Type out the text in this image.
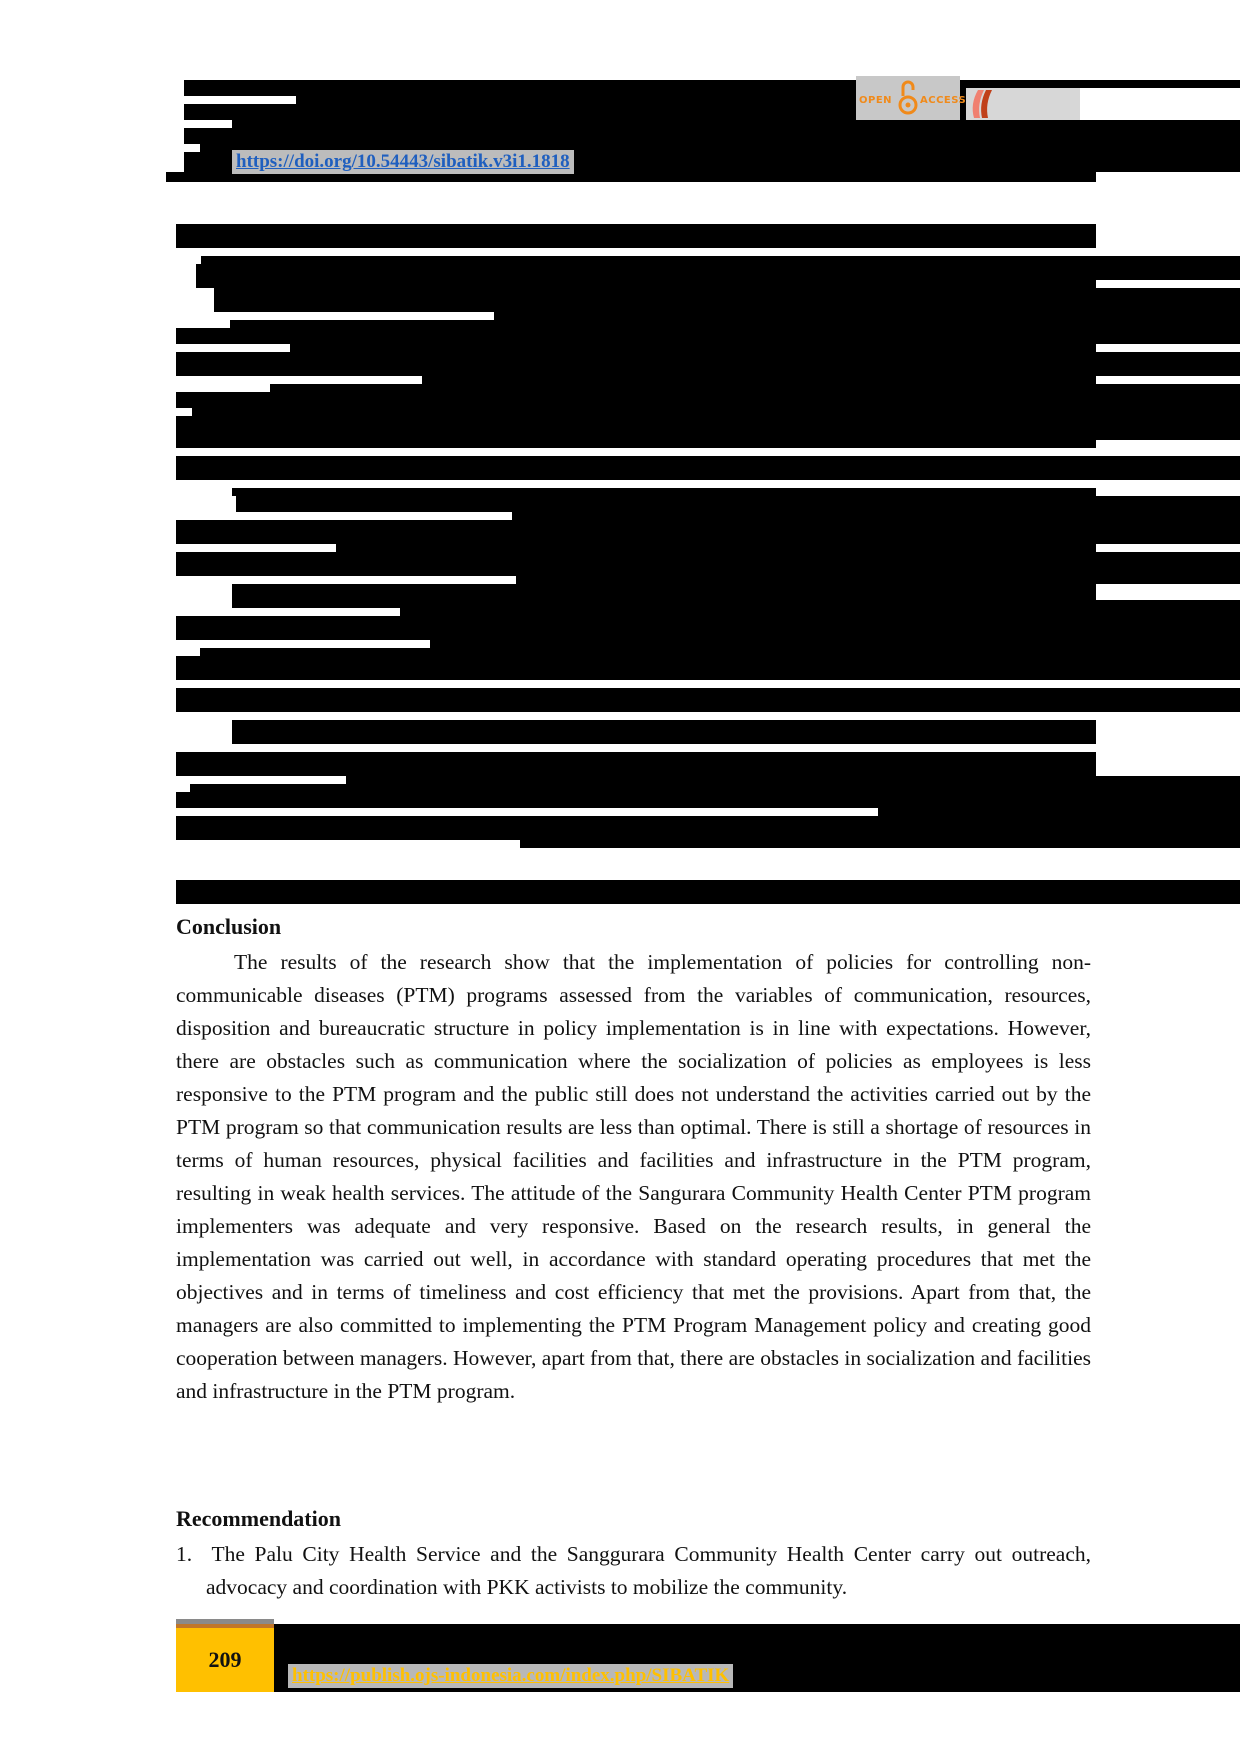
https://doi.org/10.54443/sibatik.v3i1.1818
OPEN	ACCESS
Conclusion

The results of the research show that the implementation of policies for controlling non-communicable diseases (PTM) programs assessed from the variables of communication, resources, disposition and bureaucratic structure in policy implementation is in line with expectations. However, there are obstacles such as communication where the socialization of policies as employees is less responsive to the PTM program and the public still does not understand the activities carried out by the PTM program so that communication results are less than optimal. There is still a shortage of resources in terms of human resources, physical facilities and facilities and infrastructure in the PTM program, resulting in weak health services. The attitude of the Sangurara Community Health Center PTM program implementers was adequate and very responsive. Based on the research results, in general the implementation was carried out well, in accordance with standard operating procedures that met the objectives and in terms of timeliness and cost efficiency that met the provisions. Apart from that, the managers are also committed to implementing the PTM Program Management policy and creating good cooperation between managers. However, apart from that, there are obstacles in socialization and facilities and infrastructure in the PTM program.

Recommendation

1. The Palu City Health Service and the Sanggurara Community Health Center carry out outreach, advocacy and coordination with PKK activists to mobilize the community.

209
https://publish.ojs-indonesia.com/index.php/SIBATIK
